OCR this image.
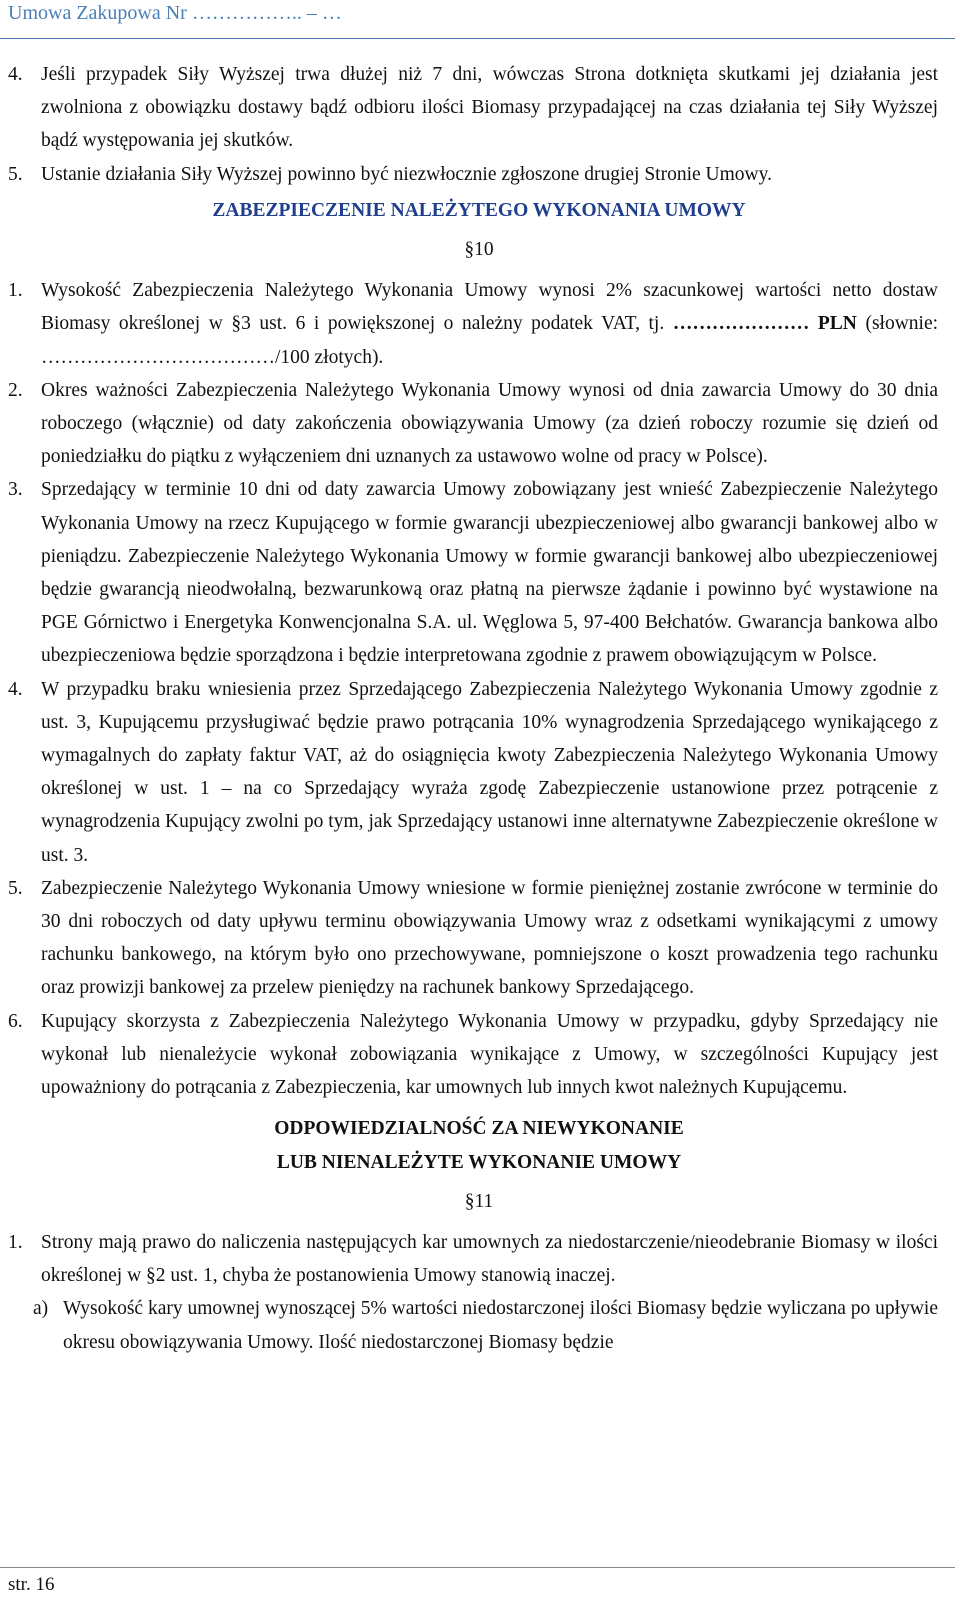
Umowa Zakupowa Nr …………….. – …
4. Jeśli przypadek Siły Wyższej trwa dłużej niż 7 dni, wówczas Strona dotknięta skutkami jej działania jest zwolniona z obowiązku dostawy bądź odbioru ilości Biomasy przypadającej na czas działania tej Siły Wyższej bądź występowania jej skutków.
5. Ustanie działania Siły Wyższej powinno być niezwłocznie zgłoszone drugiej Stronie Umowy.
ZABEZPIECZENIE NALEŻYTEGO WYKONANIA UMOWY
§10
1. Wysokość Zabezpieczenia Należytego Wykonania Umowy wynosi 2% szacunkowej wartości netto dostaw Biomasy określonej w §3 ust. 6 i powiększonej o należny podatek VAT, tj. ………………… PLN (słownie: ………………………………/100 złotych).
2. Okres ważności Zabezpieczenia Należytego Wykonania Umowy wynosi od dnia zawarcia Umowy do 30 dnia roboczego (włącznie) od daty zakończenia obowiązywania Umowy (za dzień roboczy rozumie się dzień od poniedziałku do piątku z wyłączeniem dni uznanych za ustawowo wolne od pracy w Polsce).
3. Sprzedający w terminie 10 dni od daty zawarcia Umowy zobowiązany jest wnieść Zabezpieczenie Należytego Wykonania Umowy na rzecz Kupującego w formie gwarancji ubezpieczeniowej albo gwarancji bankowej albo w pieniądzu. Zabezpieczenie Należytego Wykonania Umowy w formie gwarancji bankowej albo ubezpieczeniowej będzie gwarancją nieodwołalną, bezwarunkową oraz płatną na pierwsze żądanie i powinno być wystawione na PGE Górnictwo i Energetyka Konwencjonalna S.A. ul. Węglowa 5, 97-400 Bełchatów. Gwarancja bankowa albo ubezpieczeniowa będzie sporządzona i będzie interpretowana zgodnie z prawem obowiązującym w Polsce.
4. W przypadku braku wniesienia przez Sprzedającego Zabezpieczenia Należytego Wykonania Umowy zgodnie z ust. 3, Kupującemu przysługiwać będzie prawo potrącania 10% wynagrodzenia Sprzedającego wynikającego z wymagalnych do zapłaty faktur VAT, aż do osiągnięcia kwoty Zabezpieczenia Należytego Wykonania Umowy określonej w ust. 1 – na co Sprzedający wyraża zgodę Zabezpieczenie ustanowione przez potrącenie z wynagrodzenia Kupujący zwolni po tym, jak Sprzedający ustanowi inne alternatywne Zabezpieczenie określone w ust. 3.
5. Zabezpieczenie Należytego Wykonania Umowy wniesione w formie pieniężnej zostanie zwrócone w terminie do 30 dni roboczych od daty upływu terminu obowiązywania Umowy wraz z odsetkami wynikającymi z umowy rachunku bankowego, na którym było ono przechowywane, pomniejszone o koszt prowadzenia tego rachunku oraz prowizji bankowej za przelew pieniędzy na rachunek bankowy Sprzedającego.
6. Kupujący skorzysta z Zabezpieczenia Należytego Wykonania Umowy w przypadku, gdyby Sprzedający nie wykonał lub nienależycie wykonał zobowiązania wynikające z Umowy, w szczególności Kupujący jest upoważniony do potrącania z Zabezpieczenia, kar umownych lub innych kwot należnych Kupującemu.
ODPOWIEDZIALNOŚĆ ZA NIEWYKONANIE
LUB NIENALEŻYTE WYKONANIE UMOWY
§11
1. Strony mają prawo do naliczenia następujących kar umownych za niedostarczenie/nieodebranie Biomasy w ilości określonej w §2 ust. 1, chyba że postanowienia Umowy stanowią inaczej.
a) Wysokość kary umownej wynoszącej 5% wartości niedostarczonej ilości Biomasy będzie wyliczana po upływie okresu obowiązywania Umowy. Ilość niedostarczonej Biomasy będzie
str. 16
